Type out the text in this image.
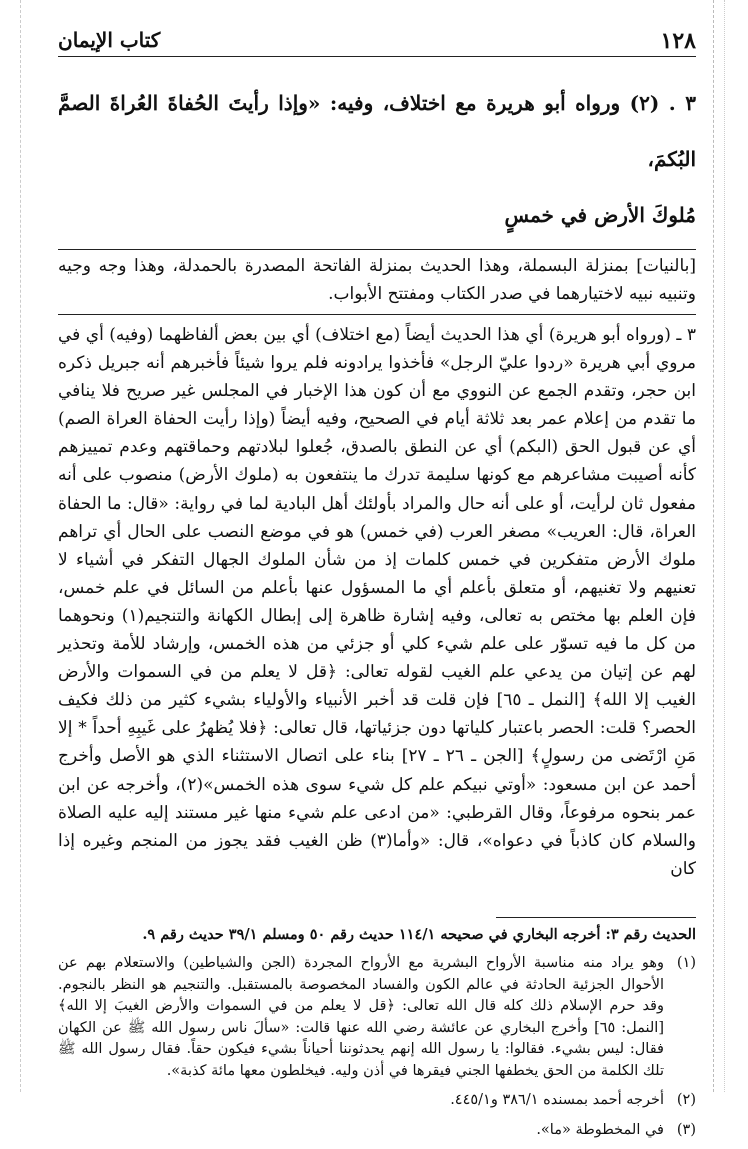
١٢٨
كتاب الإيمان
٣ . (٢) ورواه أبو هريرة مع اختلاف، وفيه: «وإذا رأيتَ الحُفاةَ العُراةَ الصمَّ البُكمَ،
مُلوكَ الأرض في خمسٍ

[بالنيات] بمنزلة البسملة، وهذا الحديث بمنزلة الفاتحة المصدرة بالحمدلة، وهذا وجه وجيه وتنبيه نبيه لاختيارهما في صدر الكتاب ومفتتح الأبواب.

٣ ـ (ورواه أبو هريرة) أي هذا الحديث أيضاً (مع اختلاف) أي بين بعض ألفاظهما (وفيه) أي في مروي أبي هريرة «ردوا عليّ الرجل» فأخذوا يرادونه فلم يروا شيئاً فأخبرهم أنه جبريل ذكره ابن حجر، وتقدم الجمع عن النووي مع أن كون هذا الإخبار في المجلس غير صريح فلا ينافي ما تقدم من إعلام عمر بعد ثلاثة أيام في الصحيح، وفيه أيضاً (وإذا رأيت الحفاة العراة الصم) أي عن قبول الحق (البكم) أي عن النطق بالصدق، جُعلوا لبلادتهم وحماقتهم وعدم تمييزهم كأنه أصيبت مشاعرهم مع كونها سليمة تدرك ما ينتفعون به (ملوك الأرض) منصوب على أنه مفعول ثان لرأيت، أو على أنه حال والمراد بأولئك أهل البادية لما في رواية: «قال: ما الحفاة العراة، قال: العريب» مصغر العرب (في خمس) هو في موضع النصب على الحال أي تراهم ملوك الأرض متفكرين في خمس كلمات إذ من شأن الملوك الجهال التفكر في أشياء لا تعنيهم ولا تغنيهم، أو متعلق بأعلم أي ما المسؤول عنها بأعلم من السائل في علم خمس، فإن العلم بها مختص به تعالى، وفيه إشارة ظاهرة إلى إبطال الكهانة والتنجيم(١) ونحوهما من كل ما فيه تسوّر على علم شيء كلي أو جزئي من هذه الخمس، وإرشاد للأمة وتحذير لهم عن إتيان من يدعي علم الغيب لقوله تعالى: ﴿قل لا يعلم من في السموات والأرض الغيب إلا الله﴾ [النمل ـ ٦٥] فإن قلت قد أخبر الأنبياء والأولياء بشيء كثير من ذلك فكيف الحصر؟ قلت: الحصر باعتبار كلياتها دون جزئياتها، قال تعالى: ﴿فلا يُظهرُ على غَيبِهِ أحداً * إلا مَنِ ارْتَضى من رسولٍ﴾ [الجن ـ ٢٦ ـ ٢٧] بناء على اتصال الاستثناء الذي هو الأصل وأخرج أحمد عن ابن مسعود: «أوتي نبيكم علم كل شيء سوى هذه الخمس»(٢)، وأخرجه عن ابن عمر بنحوه مرفوعاً، وقال القرطبي: «من ادعى علم شيء منها غير مستند إليه عليه الصلاة والسلام كان كاذباً في دعواه»، قال: «وأما(٣) ظن الغيب فقد يجوز من المنجم وغيره إذا كان

الحديث رقم ٣: أخرجه البخاري في صحيحه ١١٤/١ حديث رقم ٥٠ ومسلم ٣٩/١ حديث رقم ٩.

(١)
وهو يراد منه مناسبة الأرواح البشرية مع الأرواح المجردة (الجن والشياطين) والاستعلام بهم عن الأحوال الجزئية الحادثة في عالم الكون والفساد المخصوصة بالمستقبل. والتنجيم هو النظر بالنجوم. وقد حرم الإسلام ذلك كله قال الله تعالى: ﴿قل لا يعلم من في السموات والأرض الغيبَ إلا الله﴾ [النمل: ٦٥] وأخرج البخاري عن عائشة رضي الله عنها قالت: «سألَ ناس رسول الله ﷺ عن الكهان فقال: ليس بشيء. فقالوا: يا رسول الله إنهم يحدثوننا أحياناً بشيء فيكون حقاً. فقال رسول الله ﷺ تلك الكلمة من الحق يخطفها الجني فيقرها في أذن وليه. فيخلطون معها مائة كذبة».
(٢)
أخرجه أحمد بمسنده ٣٨٦/١ و٤٤٥/١.
(٣)
في المخطوطة «ما».
